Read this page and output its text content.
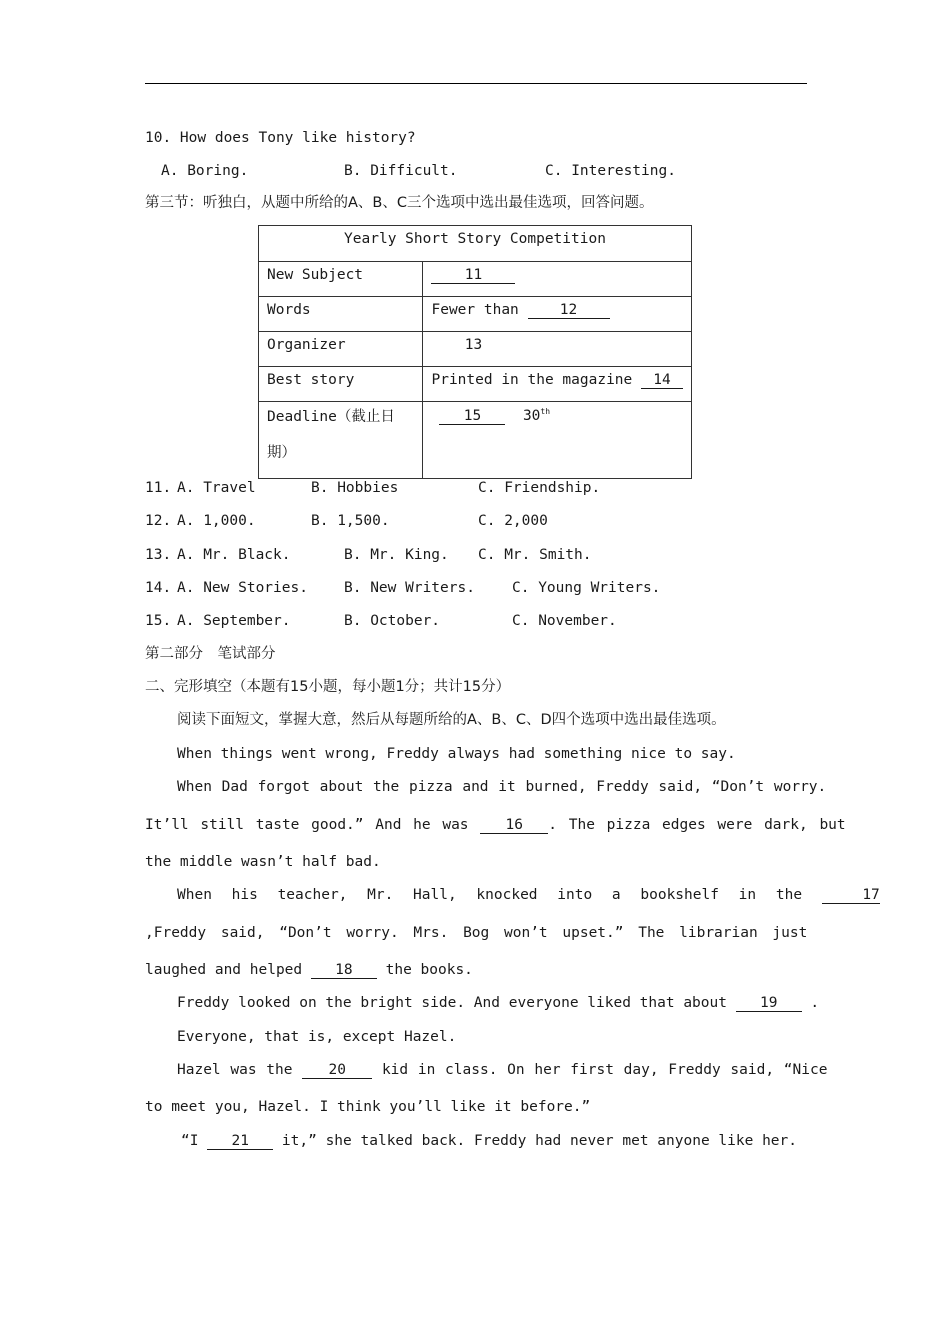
10. How does Tony like history?
A. Boring.	B. Difficult.	C. Interesting.
第三节：听独白，从题中所给的A、B、C三个选项中选出最佳选项，回答问题。
Yearly Short Story Competition	
New Subject	11
Words	Fewer than 12
Organizer	13
Best story	Printed in the magazine 14

Deadline（截止日
期）	15 30th
11. A. Travel	B. Hobbies	C. Friendship.
12. A. 1,000.	B. 1,500.	C. 2,000
13. A. Mr. Black.	B. Mr. King. C. Mr. Smith.
14. A. New Stories. B. New Writers.	C. Young Writers.
15. A. September.	B. October.	C. November.
第二部分　笔试部分
二、完形填空（本题有15小题，每小题1分；共计15分）
阅读下面短文，掌握大意，然后从每题所给的A、B、C、D四个选项中选出最佳选项。
When things went wrong, Freddy always had something nice to say.
When Dad forgot about the pizza and it burned, Freddy said, “Don’t worry.
It’ll still taste good.” And he was 16 . The pizza edges were dark, but
the middle wasn’t half bad.
When his teacher, Mr. Hall, knocked into a bookshelf in the	17
,Freddy said, “Don’t worry. Mrs. Bog won’t upset.” The librarian just
laughed and helped 18 the books.
Freddy looked on the bright side. And everyone liked that about 19 .
Everyone, that is, except Hazel.
Hazel was the 20 kid in class. On her first day, Freddy said, “Nice
to meet you, Hazel. I think you’ll like it before.”
“I 21 it,” she talked back. Freddy had never met anyone like her.
